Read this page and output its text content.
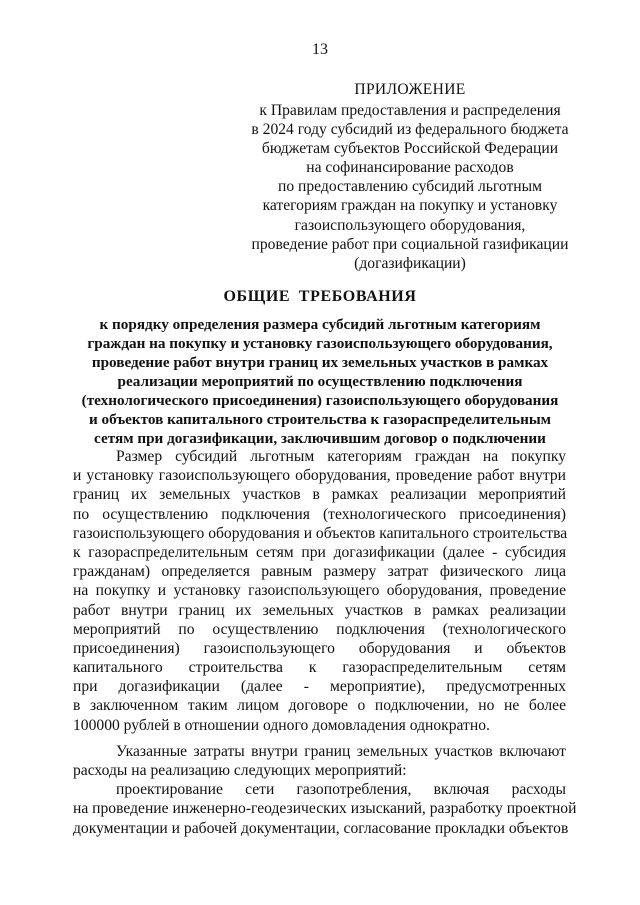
13
ПРИЛОЖЕНИЕ
к Правилам предоставления и распределения
в 2024 году субсидий из федерального бюджета
бюджетам субъектов Российской Федерации
на софинансирование расходов
по предоставлению субсидий льготным
категориям граждан на покупку и установку
газоиспользующего оборудования,
проведение работ при социальной газификации
(догазификации)
ОБЩИЕ ТРЕБОВАНИЯ
к порядку определения размера субсидий льготным категориям
граждан на покупку и установку газоиспользующего оборудования,
проведение работ внутри границ их земельных участков в рамках
реализации мероприятий по осуществлению подключения
(технологического присоединения) газоиспользующего оборудования
и объектов капитального строительства к газораспределительным
сетям при догазификации, заключившим договор о подключении
Размер субсидий льготным категориям граждан на покупку
и установку газоиспользующего оборудования, проведение работ внутри
границ их земельных участков в рамках реализации мероприятий
по осуществлению подключения (технологического присоединения)
газоиспользующего оборудования и объектов капитального строительства
к газораспределительным сетям при догазификации (далее - субсидия
гражданам) определяется равным размеру затрат физического лица
на покупку и установку газоиспользующего оборудования, проведение
работ внутри границ их земельных участков в рамках реализации
мероприятий по осуществлению подключения (технологического
присоединения) газоиспользующего оборудования и объектов
капитального строительства к газораспределительным сетям
при догазификации (далее - мероприятие), предусмотренных
в заключенном таким лицом договоре о подключении, но не более
100000 рублей в отношении одного домовладения однократно.
Указанные затраты внутри границ земельных участков включают
расходы на реализацию следующих мероприятий:
проектирование сети газопотребления, включая расходы
на проведение инженерно-геодезических изысканий, разработку проектной
документации и рабочей документации, согласование прокладки объектов
